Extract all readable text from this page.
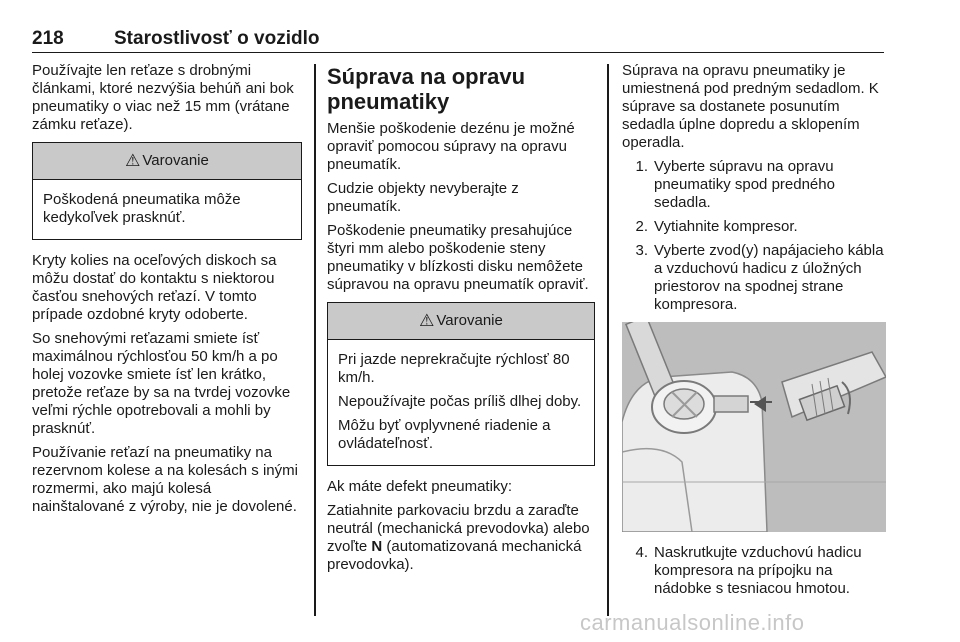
218	Starostlivosť o vozidlo

Používajte len reťaze s drobnými článkami, ktoré nezvýšia behúň ani bok pneumatiky o viac než 15 mm (vrátane zámku reťaze).

⚠ Varovanie

Poškodená pneumatika môže kedykoľvek prasknúť.

Kryty kolies na oceľových diskoch sa môžu dostať do kontaktu s niektorou časťou snehových reťazí. V tomto prípade ozdobné kryty odoberte.

So snehovými reťazami smiete ísť maximálnou rýchlosťou 50 km/h a po holej vozovke smiete ísť len krátko, pretože reťaze by sa na tvrdej vozovke veľmi rýchle opotrebovali a mohli by prasknúť.

Používanie reťazí na pneumatiky na rezervnom kolese a na kolesách s inými rozmermi, ako majú kolesá nainštalované z výroby, nie je dovolené.

Súprava na opravu pneumatiky

Menšie poškodenie dezénu je možné opraviť pomocou súpravy na opravu pneumatík.

Cudzie objekty nevyberajte z pneumatík.

Poškodenie pneumatiky presahujúce štyri mm alebo poškodenie steny pneumatiky v blízkosti disku nemôžete súpravou na opravu pneumatík opraviť.

⚠ Varovanie

Pri jazde neprekračujte rýchlosť 80 km/h.

Nepoužívajte počas príliš dlhej doby.

Môžu byť ovplyvnené riadenie a ovládateľnosť.

Ak máte defekt pneumatiky:

Zatiahnite parkovaciu brzdu a zaraďte neutrál (mechanická prevodovka) alebo zvoľte N (automatizovaná mechanická prevodovka).

Súprava na opravu pneumatiky je umiestnená pod predným sedadlom. K súprave sa dostanete posunutím sedadla úplne dopredu a sklopením operadla.

1. Vyberte súpravu na opravu pneumatiky spod predného sedadla.
2. Vytiahnite kompresor.
3. Vyberte zvod(y) napájacieho kábla a vzduchovú hadicu z úložných priestorov na spodnej strane kompresora.
4. Naskrutkujte vzduchovú hadicu kompresora na prípojku na nádobke s tesniacou hmotou.
carmanualsonline.info
